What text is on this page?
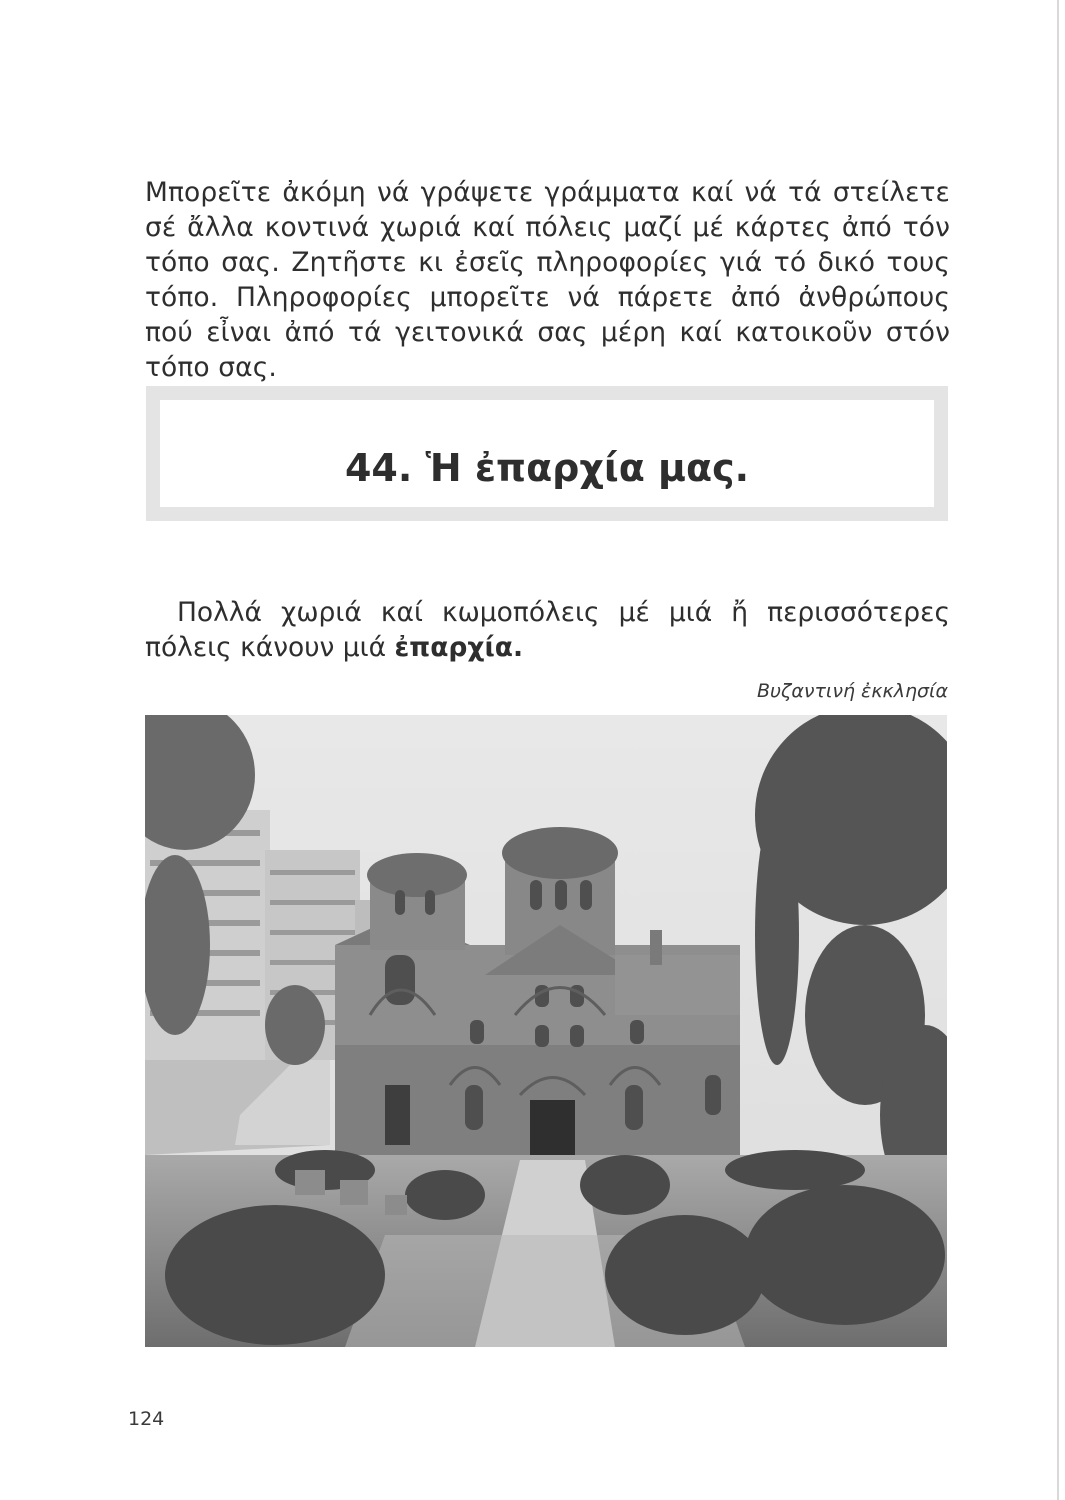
Μπορεῖτε ἀκόμη νά γράψετε γράμματα καί νά τά στείλετε σέ ἄλλα κοντινά χωριά καί πόλεις μαζί μέ κάρτες ἀπό τόν τόπο σας. Ζητῆστε κι ἐσεῖς πληροφορίες γιά τό δικό τους τόπο. Πληροφορίες μπορεῖτε νά πάρετε ἀπό ἀνθρώπους πού εἶναι ἀπό τά γειτονικά σας μέρη καί κατοικοῦν στόν τόπο σας.

44. Ἡ ἐπαρχία μας.

Πολλά χωριά καί κωμοπόλεις μέ μιά ἤ περισσότερες πόλεις κάνουν μιά ἐπαρχία.

Βυζαντινή ἐκκλησία
124
